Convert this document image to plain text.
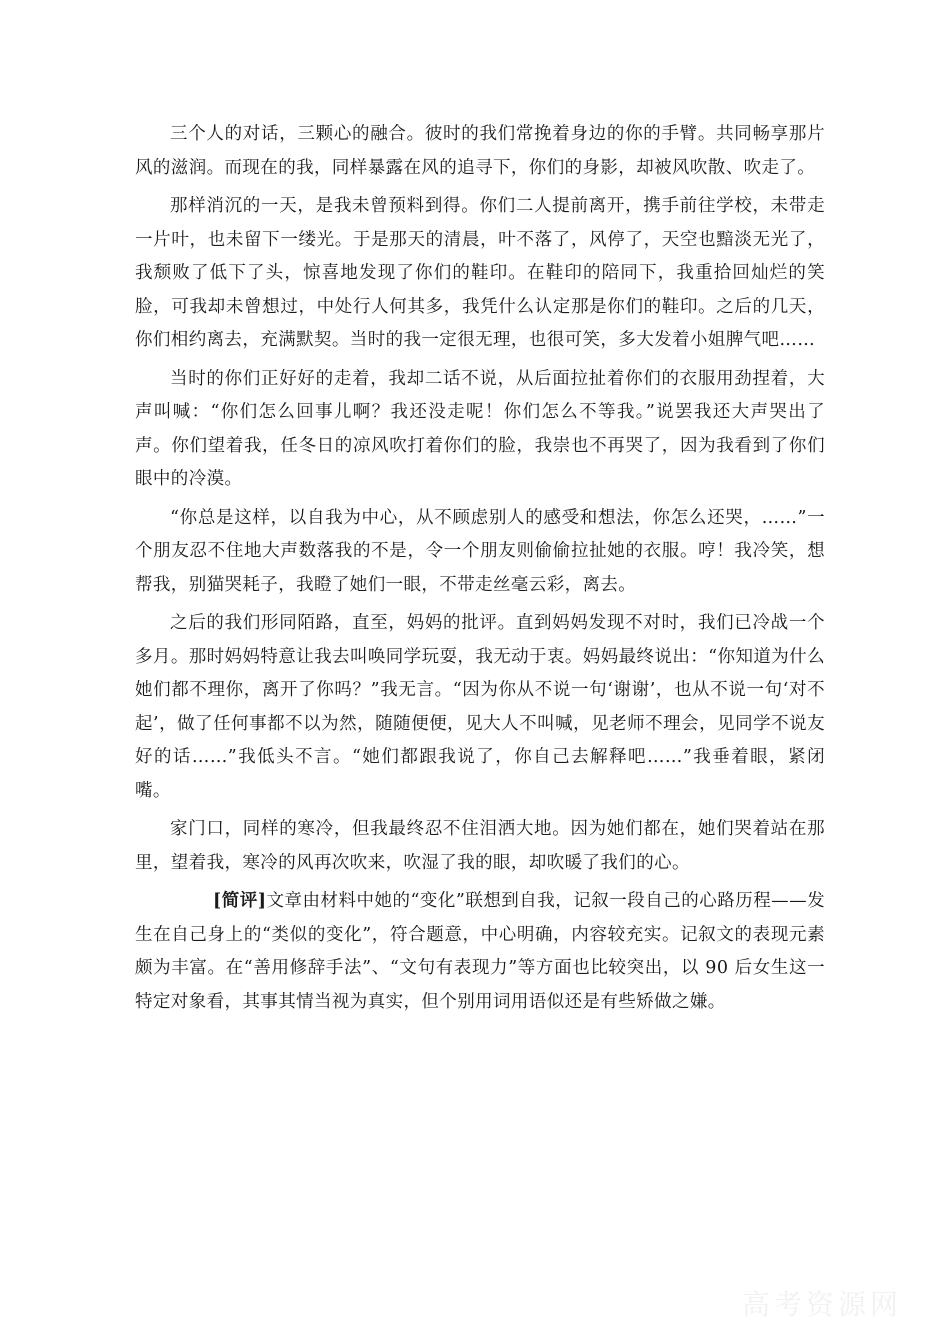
三个人的对话，三颗心的融合。彼时的我们常挽着身边的你的手臂。共同畅享那片风的滋润。而现在的我，同样暴露在风的追寻下，你们的身影，却被风吹散、吹走了。

那样消沉的一天，是我未曾预料到得。你们二人提前离开，携手前往学校，未带走一片叶，也未留下一缕光。于是那天的清晨，叶不落了，风停了，天空也黯淡无光了，我颓败了低下了头，惊喜地发现了你们的鞋印。在鞋印的陪同下，我重拾回灿烂的笑脸，可我却未曾想过，中处行人何其多，我凭什么认定那是你们的鞋印。之后的几天，你们相约离去，充满默契。当时的我一定很无理，也很可笑，多大发着小姐脾气吧……

当时的你们正好好的走着，我却二话不说，从后面拉扯着你们的衣服用劲捏着，大声叫喊：“你们怎么回事儿啊？我还没走呢！你们怎么不等我。”说罢我还大声哭出了声。你们望着我，任冬日的凉风吹打着你们的脸，我崇也不再哭了，因为我看到了你们眼中的冷漠。

“你总是这样，以自我为中心，从不顾虑别人的感受和想法，你怎么还哭，……”一个朋友忍不住地大声数落我的不是，令一个朋友则偷偷拉扯她的衣服。哼！我冷笑，想帮我，别猫哭耗子，我瞪了她们一眼，不带走丝毫云彩，离去。

之后的我们形同陌路，直至，妈妈的批评。直到妈妈发现不对时，我们已冷战一个多月。那时妈妈特意让我去叫唤同学玩耍，我无动于衷。妈妈最终说出：“你知道为什么她们都不理你，离开了你吗？”我无言。“因为你从不说一句‘谢谢’，也从不说一句‘对不起’，做了任何事都不以为然，随随便便，见大人不叫喊，见老师不理会，见同学不说友好的话……”我低头不言。“她们都跟我说了，你自己去解释吧……”我垂着眼，紧闭嘴。

家门口，同样的寒冷，但我最终忍不住泪洒大地。因为她们都在，她们哭着站在那里，望着我，寒冷的风再次吹来，吹湿了我的眼，却吹暖了我们的心。

[简评]文章由材料中她的“变化”联想到自我，记叙一段自己的心路历程——发生在自己身上的“类似的变化”，符合题意，中心明确，内容较充实。记叙文的表现元素颇为丰富。在“善用修辞手法”、“文句有表现力”等方面也比较突出，以 90 后女生这一特定对象看，其事其情当视为真实，但个别用词用语似还是有些矫做之嫌。

高考资源网
